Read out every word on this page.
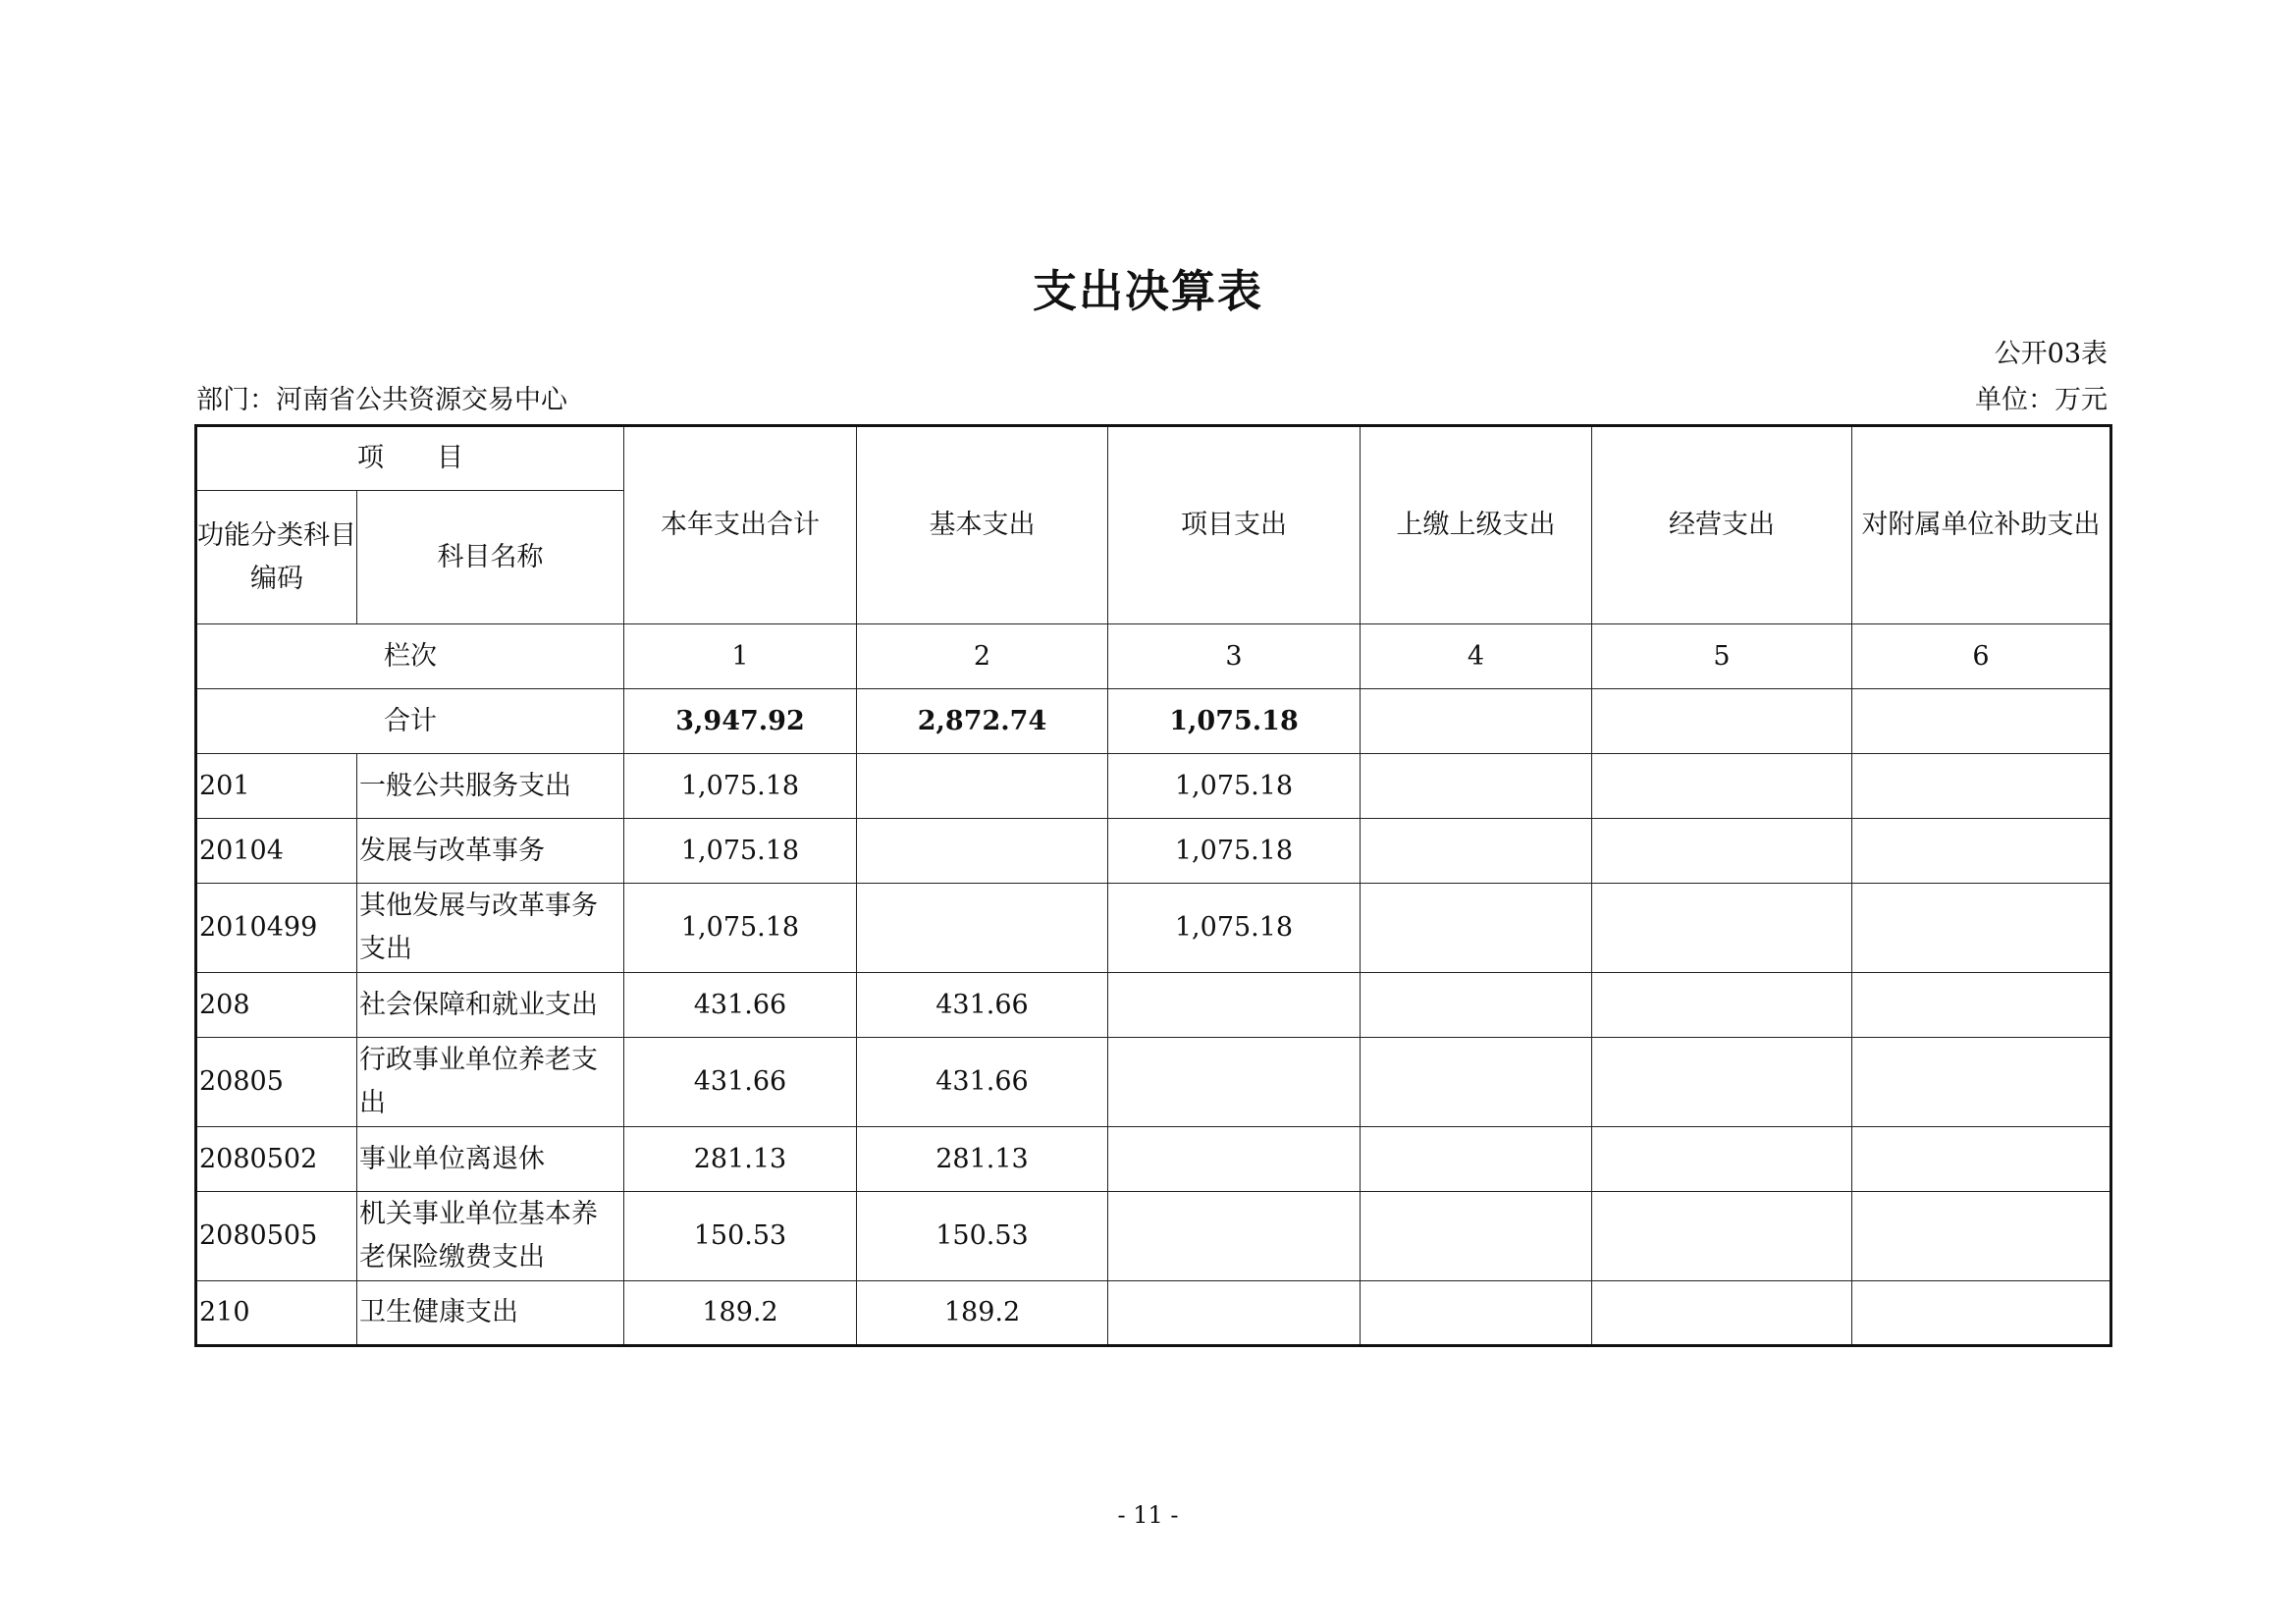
支出决算表
公开03表
部门：河南省公共资源交易中心	单位：万元
项　　目		本年支出合计	基本支出	项目支出	上缴上级支出	经营支出	对附属单位补助支出
功能分类科目编码	科目名称						
栏次		1	2	3	4	5	6
合计		3,947.92	2,872.74	1,075.18			
201	一般公共服务支出	1,075.18		1,075.18			
20104	发展与改革事务	1,075.18		1,075.18			
2010499	其他发展与改革事务支出	1,075.18		1,075.18			
208	社会保障和就业支出	431.66	431.66				
20805	行政事业单位养老支出	431.66	431.66				
2080502	事业单位离退休	281.13	281.13				
2080505	机关事业单位基本养老保险缴费支出	150.53	150.53				
210	卫生健康支出	189.2	189.2				
- 11 -
